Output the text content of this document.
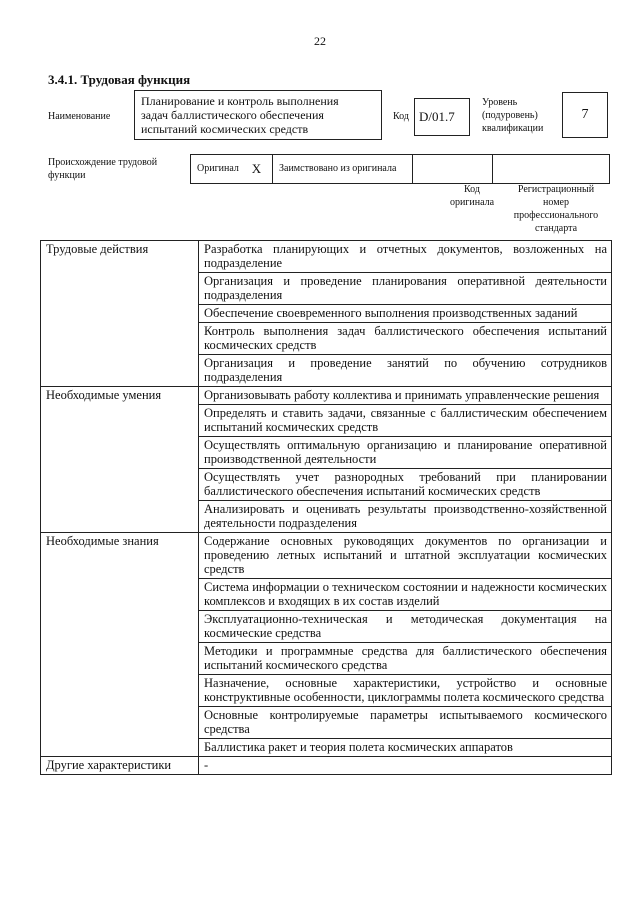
22
3.4.1. Трудовая функция
Наименование
Планирование и контроль выполнения
задач баллистического обеспечения
испытаний космических средств
Код D/01.7
Уровень
(подуровень)
квалификации
7
Происхождение трудовой
функции
Оригинал X	Заимствовано из оригинала
Код
оригинала
Регистрационный
номер
профессионального
стандарта
Трудовые действия	Разработка планирующих и отчетных документов, возложенных на подразделение
	Организация и проведение планирования оперативной деятельности подразделения
	Обеспечение своевременного выполнения производственных заданий
	Контроль выполнения задач баллистического обеспечения испытаний космических средств
	Организация и проведение занятий по обучению сотрудников подразделения
Необходимые умения	Организовывать работу коллектива и принимать управленческие решения
	Определять и ставить задачи, связанные с баллистическим обеспечением испытаний космических средств
	Осуществлять оптимальную организацию и планирование оперативной производственной деятельности
	Осуществлять учет разнородных требований при планировании баллистического обеспечения испытаний космических средств
	Анализировать и оценивать результаты производственно-хозяйственной деятельности подразделения
Необходимые знания	Содержание основных руководящих документов по организации и проведению летных испытаний и штатной эксплуатации космических средств
	Система информации о техническом состоянии и надежности космических комплексов и входящих в их состав изделий
	Эксплуатационно-техническая и методическая документация на космические средства
	Методики и программные средства для баллистического обеспечения испытаний космического средства
	Назначение, основные характеристики, устройство и основные конструктивные особенности, циклограммы полета космического средства
	Основные контролируемые параметры испытываемого космического средства
	Баллистика ракет и теория полета космических аппаратов
Другие характеристики	-
